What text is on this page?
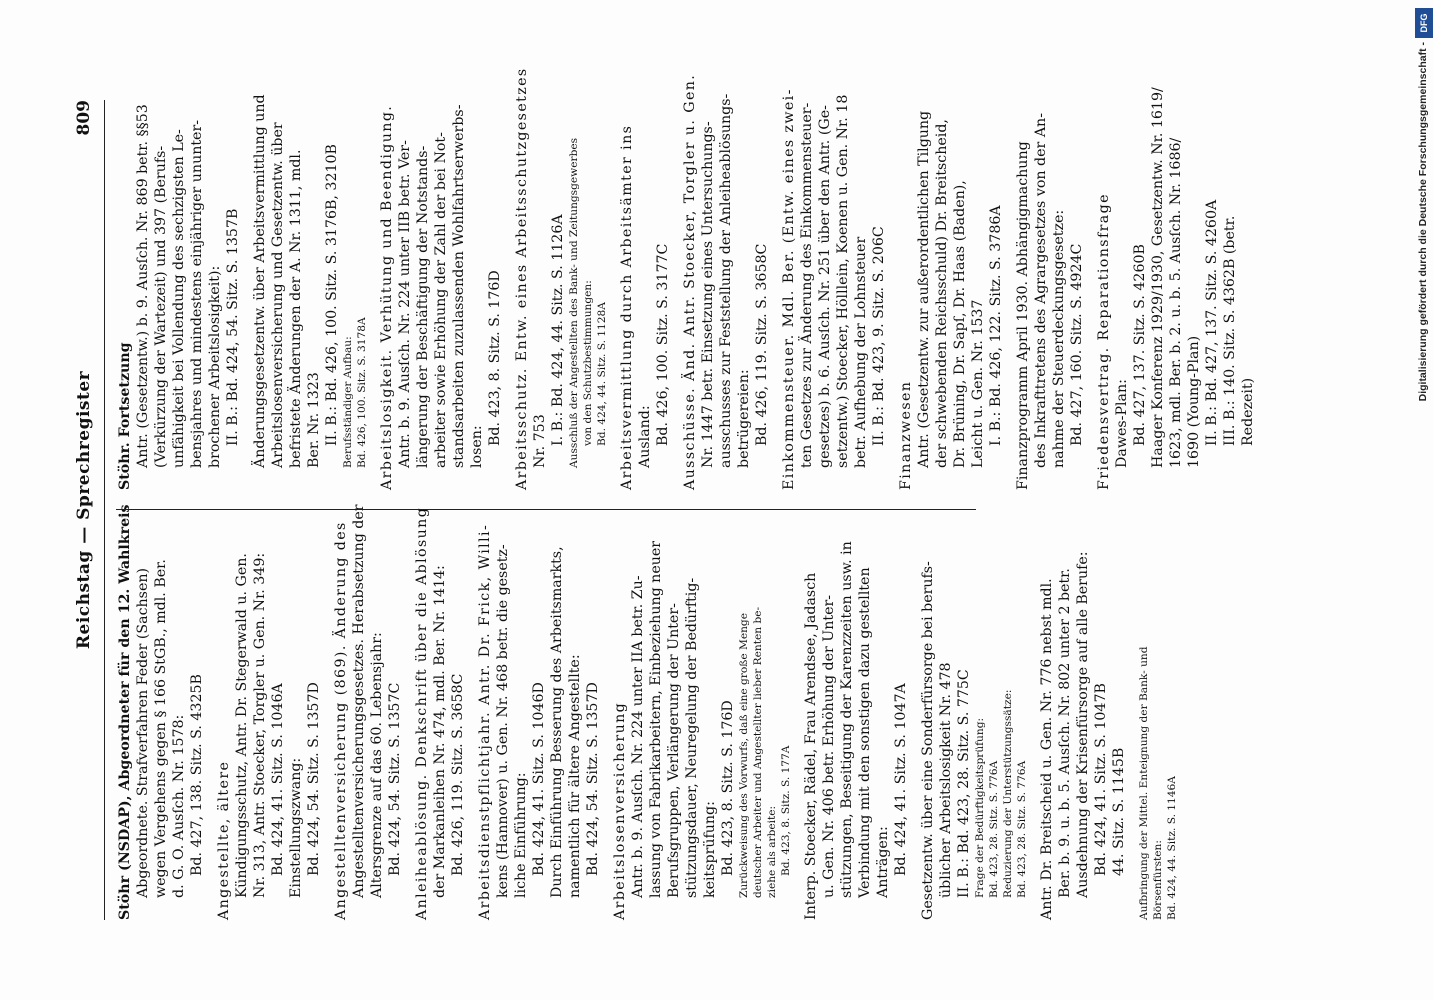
Reichstag — Sprechregister
809
Stöhr (NSDAP), Abgeordneter für den 12. Wahlkreis Abgeordnete. Strafverfahren Feder (Sachsen) wegen Vergehens gegen § 166 StGB., mdl. Ber. d. G. O. Ausſch. Nr. 1578: Bd. 427, 138. Sitz. S. 4325B Angestellte, ältere Kündigungsschutz, Antr. Dr. Stegerwald u. Gen. Nr. 313, Antr. Stoecker, Torgler u. Gen. Nr. 349: Bd. 424, 41. Sitz. S. 1046A Einstellungszwang: Bd. 424, 54. Sitz. S. 1357D Angestelltenversicherung (869). Änderung des Angestelltenversicherungsgesetzes. Herabsetzung der Altersgrenze auf das 60. Lebensjahr: Bd. 424, 54. Sitz. S. 1357C Anleiheablösung. Denkschrift über die Ablösung der Markanleihen Nr. 474, mdl. Ber. Nr. 1414: Bd. 426, 119. Sitz. S. 3658C Arbeitsdienstpflichtjahr. Antr. Dr. Frick, Willi- kens (Hannover) u. Gen. Nr. 468 betr. die gesetz- liche Einführung: Bd. 424, 41. Sitz. S. 1046D Durch Einführung Besserung des Arbeitsmarkts, namentlich für ältere Angestellte: Bd. 424, 54. Sitz. S. 1357D Arbeitslosenversicherung Antr. b. 9. Ausſch. Nr. 224 unter IIA betr. Zu- lassung von Fabrikarbeitern, Einbeziehung neuer Berufsgruppen, Verlängerung der Unter- stützungsdauer, Neuregelung der Bedürftig- keitsprüfung: Bd. 423, 8. Sitz. S. 176D Zurückweisung des Vorwurfs, daß eine große Menge deutscher Arbeiter und Angestellter lieber Renten be- ziehe als arbeite: Bd. 423, 8. Sitz. S. 177A Interp. Stoecker, Rädel, Frau Arendsee, Jadasch u. Gen. Nr. 406 betr. Erhöhung der Unter- stützungen, Beseitigung der Karenzzeiten usw. in Verbindung mit den sonstigen dazu gestellten Anträgen: Bd. 424, 41. Sitz. S. 1047A Gesetzentw. über eine Sonderfürsorge bei berufs- üblicher Arbeitslosigkeit Nr. 478 II. B.: Bd. 423, 28. Sitz. S. 775C Frage der Bedürftigkeitsprüfung: Bd. 423, 28. Sitz. S. 776A Reduzierung der Unterstützungssätze: Bd. 423, 28. Sitz. S. 776A Antr. Dr. Breitscheid u. Gen. Nr. 776 nebst mdl. Ber. b. 9. u. b. 5. Ausſch. Nr. 802 unter 2 betr. Ausdehnung der Krisenfürsorge auf alle Berufe: Bd. 424, 41. Sitz. S. 1047B 44. Sitz. S. 1145B Aufbringung der Mittel. Enteignung der Bank- und Börsenfürsten: Bd. 424, 44. Sitz. S. 1146A
Stöhr. Fortsetzung Antr. (Gesetzentw.) b. 9. Ausſch. Nr. 869 betr. §§53 (Verkürzung der Wartezeit) und 397 (Berufs- unfähigkeit bei Vollendung des sechzigsten Le- bensjahres und mindestens einjähriger ununter- brochener Arbeitslosigkeit): II. B.: Bd. 424, 54. Sitz. S. 1357B Änderungsgesetzentw. über Arbeitsvermittlung und Arbeitslosenversicherung und Gesetzentw. über befristete Änderungen der A. Nr. 1311, mdl. Ber. Nr. 1323 II. B.: Bd. 426, 100. Sitz. S. 3176B, 3210B Berufsständiger Aufbau: Bd. 426, 100. Sitz. S. 3178A Arbeitslosigkeit. Verhütung und Beendigung. Antr. b. 9. Ausſch. Nr. 224 unter IIB betr. Ver- längerung der Beschäftigung der Notstands- arbeiter sowie Erhöhung der Zahl der bei Not- standsarbeiten zuzulassenden Wohlfahrtserwerbs- losen:
Bd. 423, 8. Sitz. S. 176D Arbeitsschutz. Entw. eines Arbeitsschutzgesetzes Nr. 753 I. B.: Bd. 424, 44. Sitz. S. 1126A Ausschluß der Angestellten des Bank- und Zeitungsgewerbes von den Schutzbestimmungen: Bd. 424, 44. Sitz. S. 1128A Arbeitsvermittlung durch Arbeitsämter ins Ausland: Bd. 426, 100. Sitz. S. 3177C Ausschüsse. Änd. Antr. Stoecker, Torgler u. Gen. Nr. 1447 betr. Einsetzung eines Untersuchungs- ausschusses zur Feststellung der Anleiheablösungs- betrügereien: Bd. 426, 119. Sitz. S. 3658C Einkommensteuer. Mdl. Ber. (Entw. eines zwei- ten Gesetzes zur Änderung des Einkommensteuer- gesetzes) b. 6. Ausſch. Nr. 251 über den Antr. (Ge- setzentw.) Stoecker, Hölllein, Koenen u. Gen. Nr. 18 betr. Aufhebung der Lohnsteuer II. B.: Bd. 423, 9. Sitz. S. 206C Finanzwesen Antr. (Gesetzentw. zur außerordentlichen Tilgung der schwebenden Reichsschuld) Dr. Breitscheid, Dr. Brüning, Dr. Sapſ, Dr. Haas (Baden), Leicht u. Gen. Nr. 1537 I. B.: Bd. 426, 122. Sitz. S. 3786A Finanzprogramm April 1930. Abhängigmachung des Inkrafttretens des Agrargesetzes von der An- nahme der Steuerdeckungsgesetze: Bd. 427, 160. Sitz. S. 4924C Friedensvertrag. Reparationsfrage Dawes-Plan: Bd. 427, 137. Sitz. S. 4260B Haager Konferenz 1929/1930, Gesetzentw. Nr. 1619/ 1623, mdl. Ber. b. 2. u. b. 5. Ausſch. Nr. 1686/ 1690 (Young-Plan) II. B.: Bd. 427, 137. Sitz. S. 4260A III. B.: 140. Sitz. S. 4362B (betr. Redezeit)
Digitalisierung gefördert durch die Deutsche Forschungsgemeinschaft -
DFG
